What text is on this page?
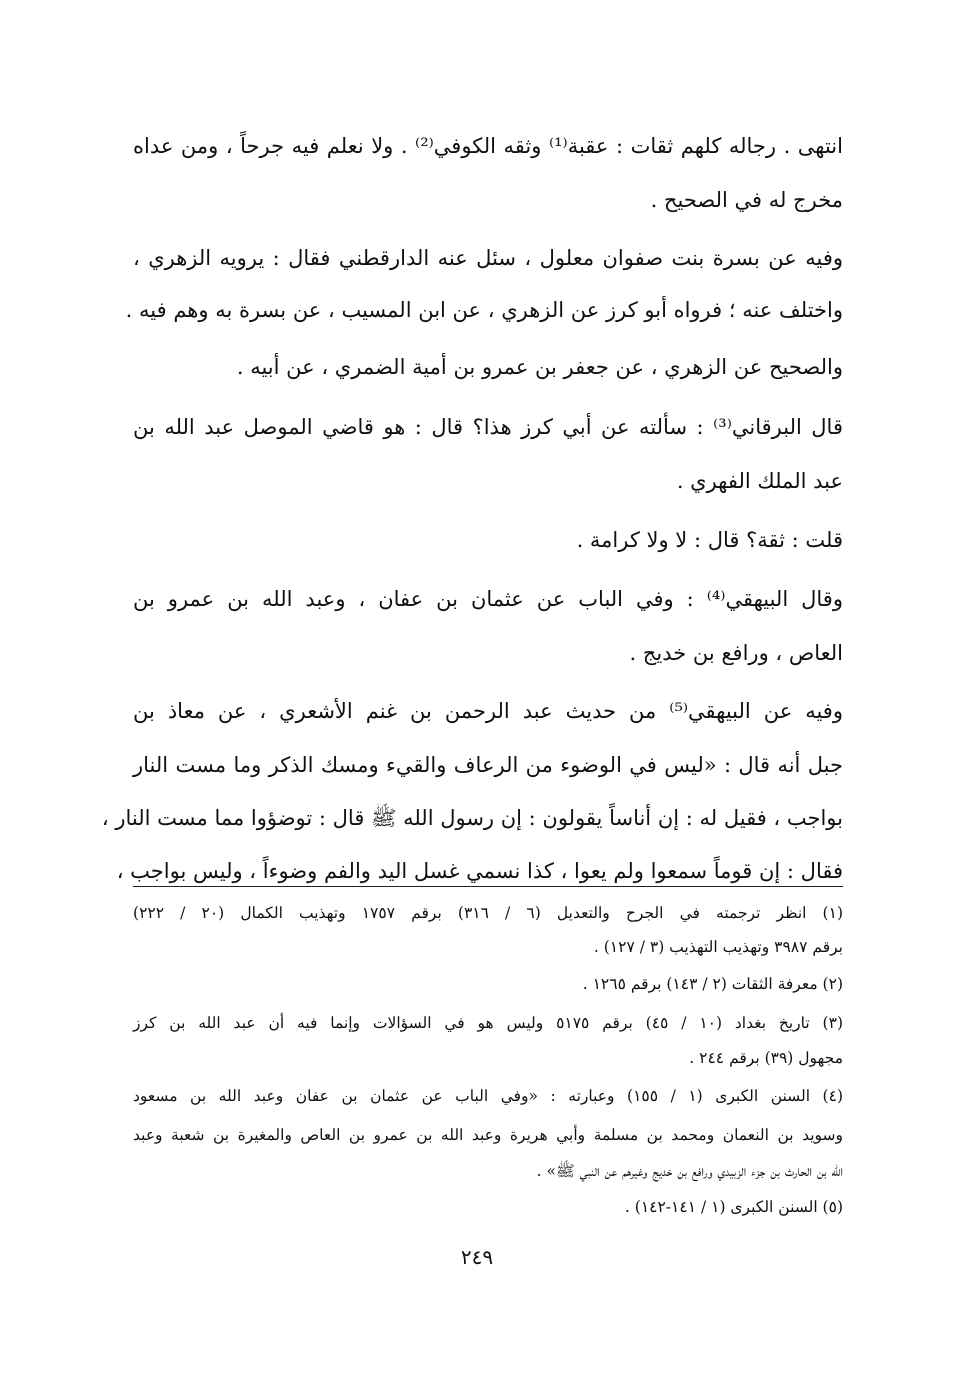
انتهى . رجاله كلهم ثقات : عقبة⁽¹⁾ وثقه الكوفي⁽²⁾ . ولا نعلم فيه جرحاً ، ومن عداه
مخرج له في الصحيح .
وفيه عن بسرة بنت صفوان معلول ، سئل عنه الدارقطني فقال : يرويه الزهري ،
واختلف عنه ؛ فرواه أبو كرز عن الزهري ، عن ابن المسيب ، عن بسرة به وهم فيه .
والصحيح عن الزهري ، عن جعفر بن عمرو بن أمية الضمري ، عن أبيه .
قال البرقاني⁽³⁾ : سألته عن أبي كرز هذا؟ قال : هو قاضي الموصل عبد الله بن
عبد الملك الفهري .
قلت : ثقة؟ قال : لا ولا كرامة .
وقال البيهقي⁽⁴⁾ : وفي الباب عن عثمان بن عفان ، وعبد الله بن عمرو بن
العاص ، ورافع بن خديج .
وفيه عن البيهقي⁽⁵⁾ من حديث عبد الرحمن بن غنم الأشعري ، عن معاذ بن
جبل أنه قال : «ليس في الوضوء من الرعاف والقيء ومسك الذكر وما مست النار
بواجب ، فقيل له : إن أناساً يقولون : إن رسول الله ﷺ قال : توضؤوا مما مست النار ،
فقال : إن قوماً سمعوا ولم يعوا ، كذا نسمي غسل اليد والفم وضوءاً ، وليس بواجب ،
(١) انظر ترجمته في الجرح والتعديل (٦ / ٣١٦) برقم ١٧٥٧ وتهذيب الكمال (٢٠ / ٢٢٢)
برقم ٣٩٨٧ وتهذيب التهذيب (٣ / ١٢٧) .
(٢) معرفة الثقات (٢ / ١٤٣) برقم ١٢٦٥ .
(٣) تاريخ بغداد (١٠ / ٤٥) برقم ٥١٧٥ وليس هو في السؤالات وإنما فيه أن عبد الله بن كرز
مجهول (٣٩) برقم ٢٤٤ .
(٤) السنن الكبرى (١ / ١٥٥) وعبارته : «وفي الباب عن عثمان بن عفان وعبد الله بن مسعود
وسويد بن النعمان ومحمد بن مسلمة وأبي هريرة وعبد الله بن عمرو بن العاص والمغيرة بن شعبة وعبد
الله بن الحارث بن جزء الزبيدي ورافع بن خديج وغيرهم عن النبي ﷺ» .
(٥) السنن الكبرى (١ / ١٤١-١٤٢) .
٢٤٩
